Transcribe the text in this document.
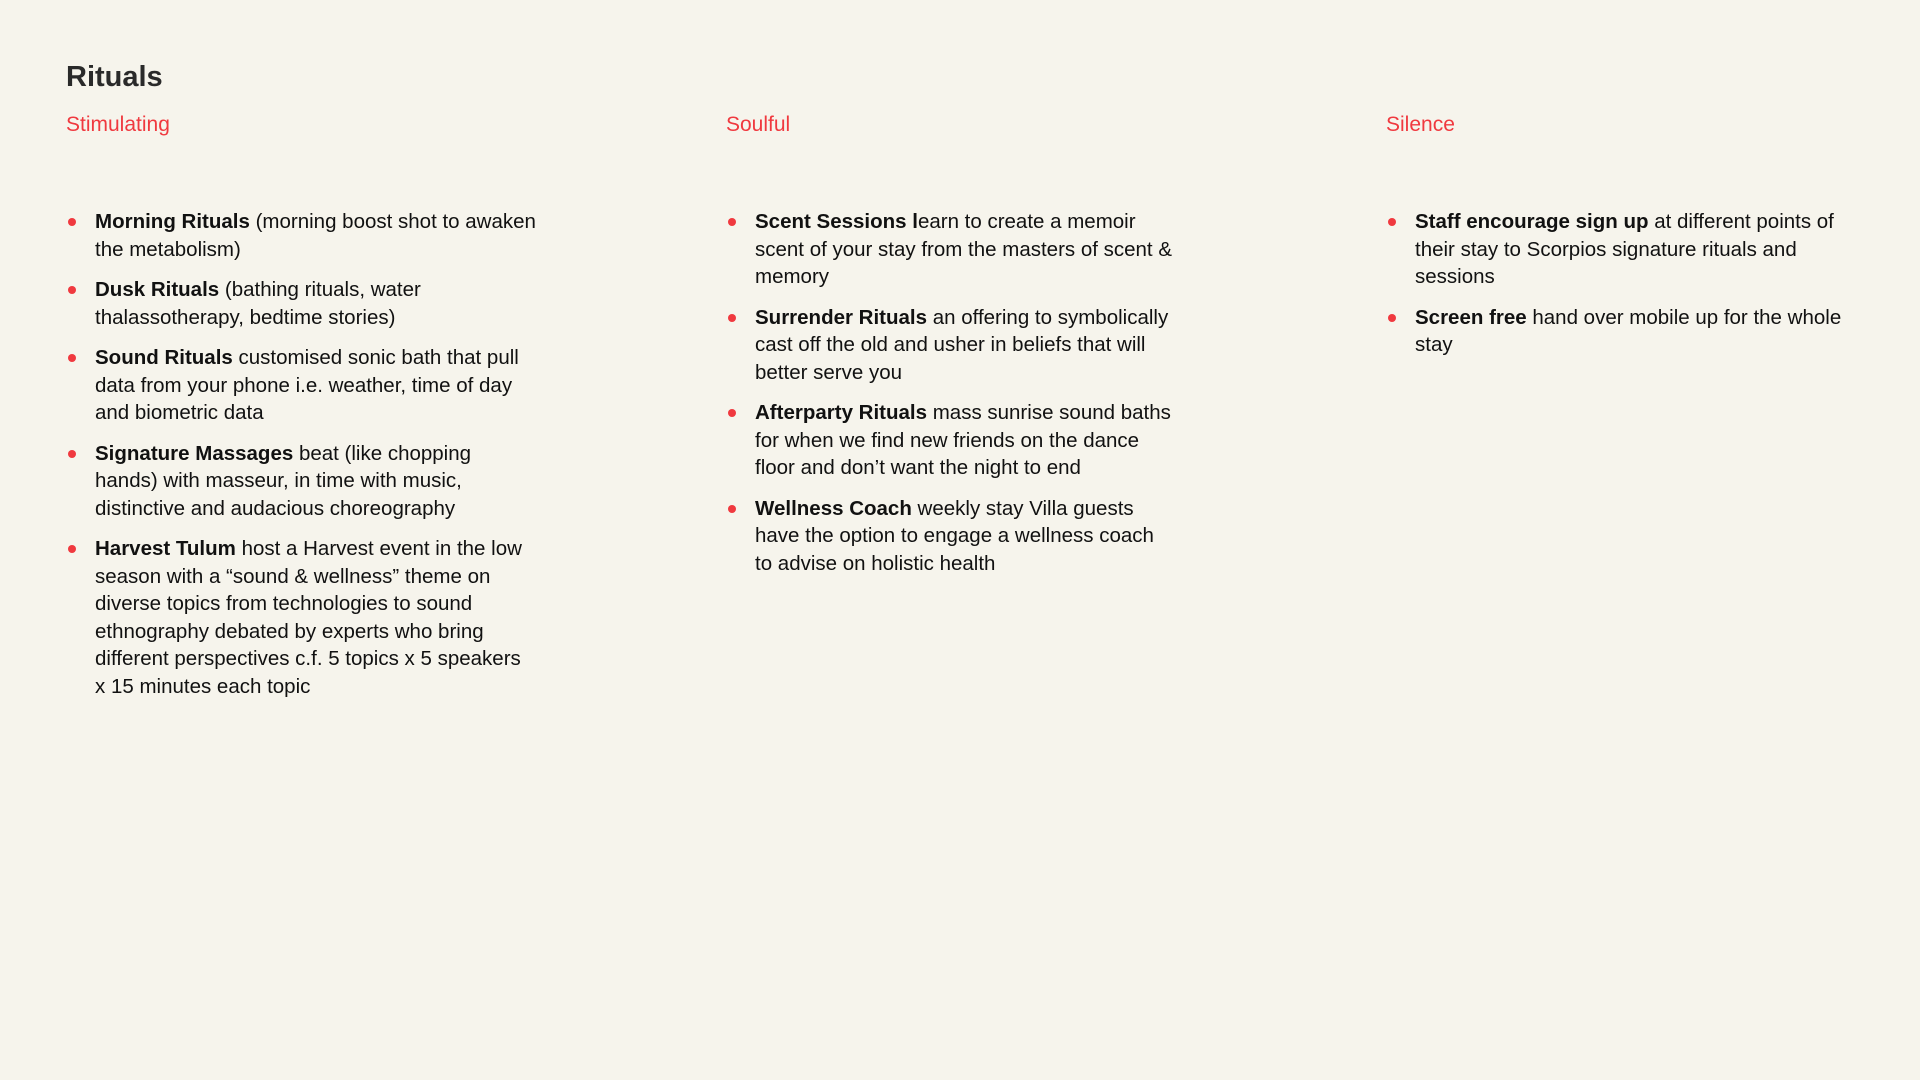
Rituals
Stimulating
Morning Rituals (morning boost shot to awaken the metabolism)
Dusk Rituals (bathing rituals, water thalassotherapy, bedtime stories)
Sound Rituals customised sonic bath that pull data from your phone i.e. weather, time of day and biometric data
Signature Massages beat (like chopping hands) with masseur, in time with music, distinctive and audacious choreography
Harvest Tulum host a Harvest event in the low season with a “sound & wellness” theme on diverse topics from technologies to sound ethnography debated by experts who bring different perspectives c.f. 5 topics x 5 speakers x 15 minutes each topic
Soulful
Scent Sessions learn to create a memoir scent of your stay from the masters of scent & memory
Surrender Rituals an offering to symbolically cast off the old and usher in beliefs that will better serve you
Afterparty Rituals mass sunrise sound baths for when we find new friends on the dance floor and don’t want the night to end
Wellness Coach weekly stay Villa guests have the option to engage a wellness coach to advise on holistic health
Silence
Staff encourage sign up at different points of their stay to Scorpios signature rituals and sessions
Screen free hand over mobile up for the whole stay
